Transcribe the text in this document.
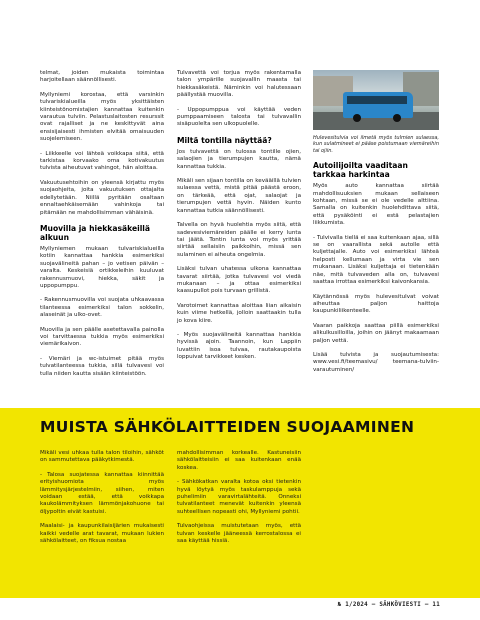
telmat, joiden mukaista toimintaa harjoitellaan säännöllisesti.

Myllyniemi korostaa, että varsinkin tulvariskialueilla myös yksittäisten kiinteistönomistajien kannattaa kuitenkin varautua tulviin. Pelastuslaitosten resurssit ovat rajalliset ja ne keskittyvät aina ensisijaisesti ihmisten elvitää omaisuuden suojelemiseen.

- Liikkeelle voi lähteä voikkapa siitä, että tarkistaa korvaako oma kotivakuutus tulvista aiheutuvat vahingot, hän aloittaa.

Vakuutusehtoihin on yleensä kirjattu myös suojaohjeita, joita vakuutuksen ottajalta edellytetään. Niillä pyritään osaltaan ennaltaehkäisemään vahinkoja tai pitämään ne mahdollisimman vähäisinä.

Muovilla ja hiekkasäkeillä alkuun

Myllyniemen mukaan tulvariskialueilla kotiin kannattaa hankkia esimerkiksi suojavälineitä pahan – jo vetisen päivän – varalta. Keskeisiä ortikkeleihin kuuluvat rakennusmuovi, hiekka, säkit ja uppopumppu.

- Rakennusmuovilla voi suojata uhkaavassa tilanteessa esimerkiksi talon sokkelin, alaseinät ja ulko-ovet.

Muovilla ja sen päälle asetettavalla painolla voi tarvittaessa tukkia myös esimerkiksi viemärikaivon.

- Viemäri ja wc-istuimet pitää myös tulvatilanteessa tukkia, sillä tulvavesi voi tulla niiden kautta sisään kiinteistöön.

Tulvavettä voi torjua myös rakentamalla talon ympärille suojavallin maasta tai hiekkasäkeistä. Näminkin voi halutessaan päällystää muovilla.

- Uppopumppua voi käyttää veden pumppaamiseen talosta tai tulvavallin sisäpuolelta sen ulkopuolelle.

Miltä tontilla näyttää?

Jos tulvavettä on tulossa tontille ojien, salaojien ja tierumpujen kautta, nämä kannattaa tukkia.

Mikäli sen sijaan tontilla on kevääillä tulvien sulaessa vettä, mistä pitää päästä eroon, on tärkeää, että ojat, salaojat ja tierumpujen vettä hyvin. Näiden kunto kannattaa tutkia säännöllisesti.

Talvella on hyvä huolehtia myös siitä, että sadevesiviemäreiden päälle ei kerry lunta tai jäätä. Tontin lunta voi myös yrittää siirtää sellaisiin paikkoihin, missä sen sulaminen ei aiheuta ongelmia.

Lisäksi tulvan uhatessa ulkona kannattaa tavarat siirtää, jotka tulvavesi voi viedä mukanaan – ja ottaa esimerkiksi kaasupullot pois turvaan grillistä.

Varotoimet kannattaa aloittaa liian aikaisin kuin viime hetkellä, jolloin saattaakin tulla jo kova kiire.

- Myös suojavälineitä kannattaa hankkia hyvissä ajoin. Taannoin, kun Lappiin luvattiin isoa tulvaa, rautakaupoista loppuivat tarvikkeet kesken.

Hulevesitulvia voi ilmetä myös tulmien sulaessa, kun sulatmineet ei pääse poistumaan viemäreihin tai ojiin.

Autoilijoilta vaaditaan tarkkaa harkintaa

Myös auto kannattaa siirtää mahdollisuuksien mukaan sellaiseen kohtaan, missä se ei ole vedelle alttiina. Samalla on kuitenkin huolehdittava siitä, että pysäköinti ei estä pelastajien liikkumista.

- Tulvivalla tiellä ei saa kuitenkaan ajaa, sillä se on vaarallista sekä autolle että kuljettajalle. Auto voi esimerkiksi lähteä helposti kellumaan ja virta vie sen mukanaan. Lisäksi kuljettaja ei tietenkään näe, mitä tulvaveden alla on, tulvavesi saattaa irrottaa esimerkiksi kaivonkansia.

Käytännössä myös hulevesitulvat voivat aiheuttaa paljon haittoja kaupunkiliikenteelle.

Vaaran paikkoja saattaa piillä esimerkiksi alikulkusilloilla, joihin on jäänyt makaamaan paljon vettä.

Lisää tulvista ja suojautumisesta: www.vesi.fi/teemasivu/ teemana-tulviin-varautuminen/

MUISTA SÄHKÖLAITTEIDEN SUOJAAMINEN

Mikäli vesi uhkaa tulla talon tiloihin, sähköt on sammutettava pääkytkimestä.

- Talosa suojatessa kannattaa kiinnittää erityishuomiota myös lämmitysjärjestelmiin, siihen, miten voidaan estää, että voikkapa kaukolämmityksen lämmönjakohuone tai öljypoltin eivät kastuisi.

Maalaisi- ja kaupunkilaisijärien mukaisesti kaikki vedelle arat tavarat, mukaan lukien sähkölaitteet, on fiksua nostaa

mahdollisimman korkealle. Kastuneisiin sähkölaitteisiin ei saa kuitenkaan enää koskea.

- Sähkökatkan varalta kotoa oksi tietenkin hyvä löytyä myös taskulamppuja sekä puhelimiin varavirtalähteitä. Onneksi tulvatilanteet menevät kuitenkin yleensä suhteellisen nopeasti ohi, Myllyniemi pohtii.

Tulvaohjeissa muistutetaan myös, että tulvan keskelle jääneessä kerrostalossa ei saa käyttää hissiä.

№ 1/2024 – SÄHKÖVIESTI – 11
